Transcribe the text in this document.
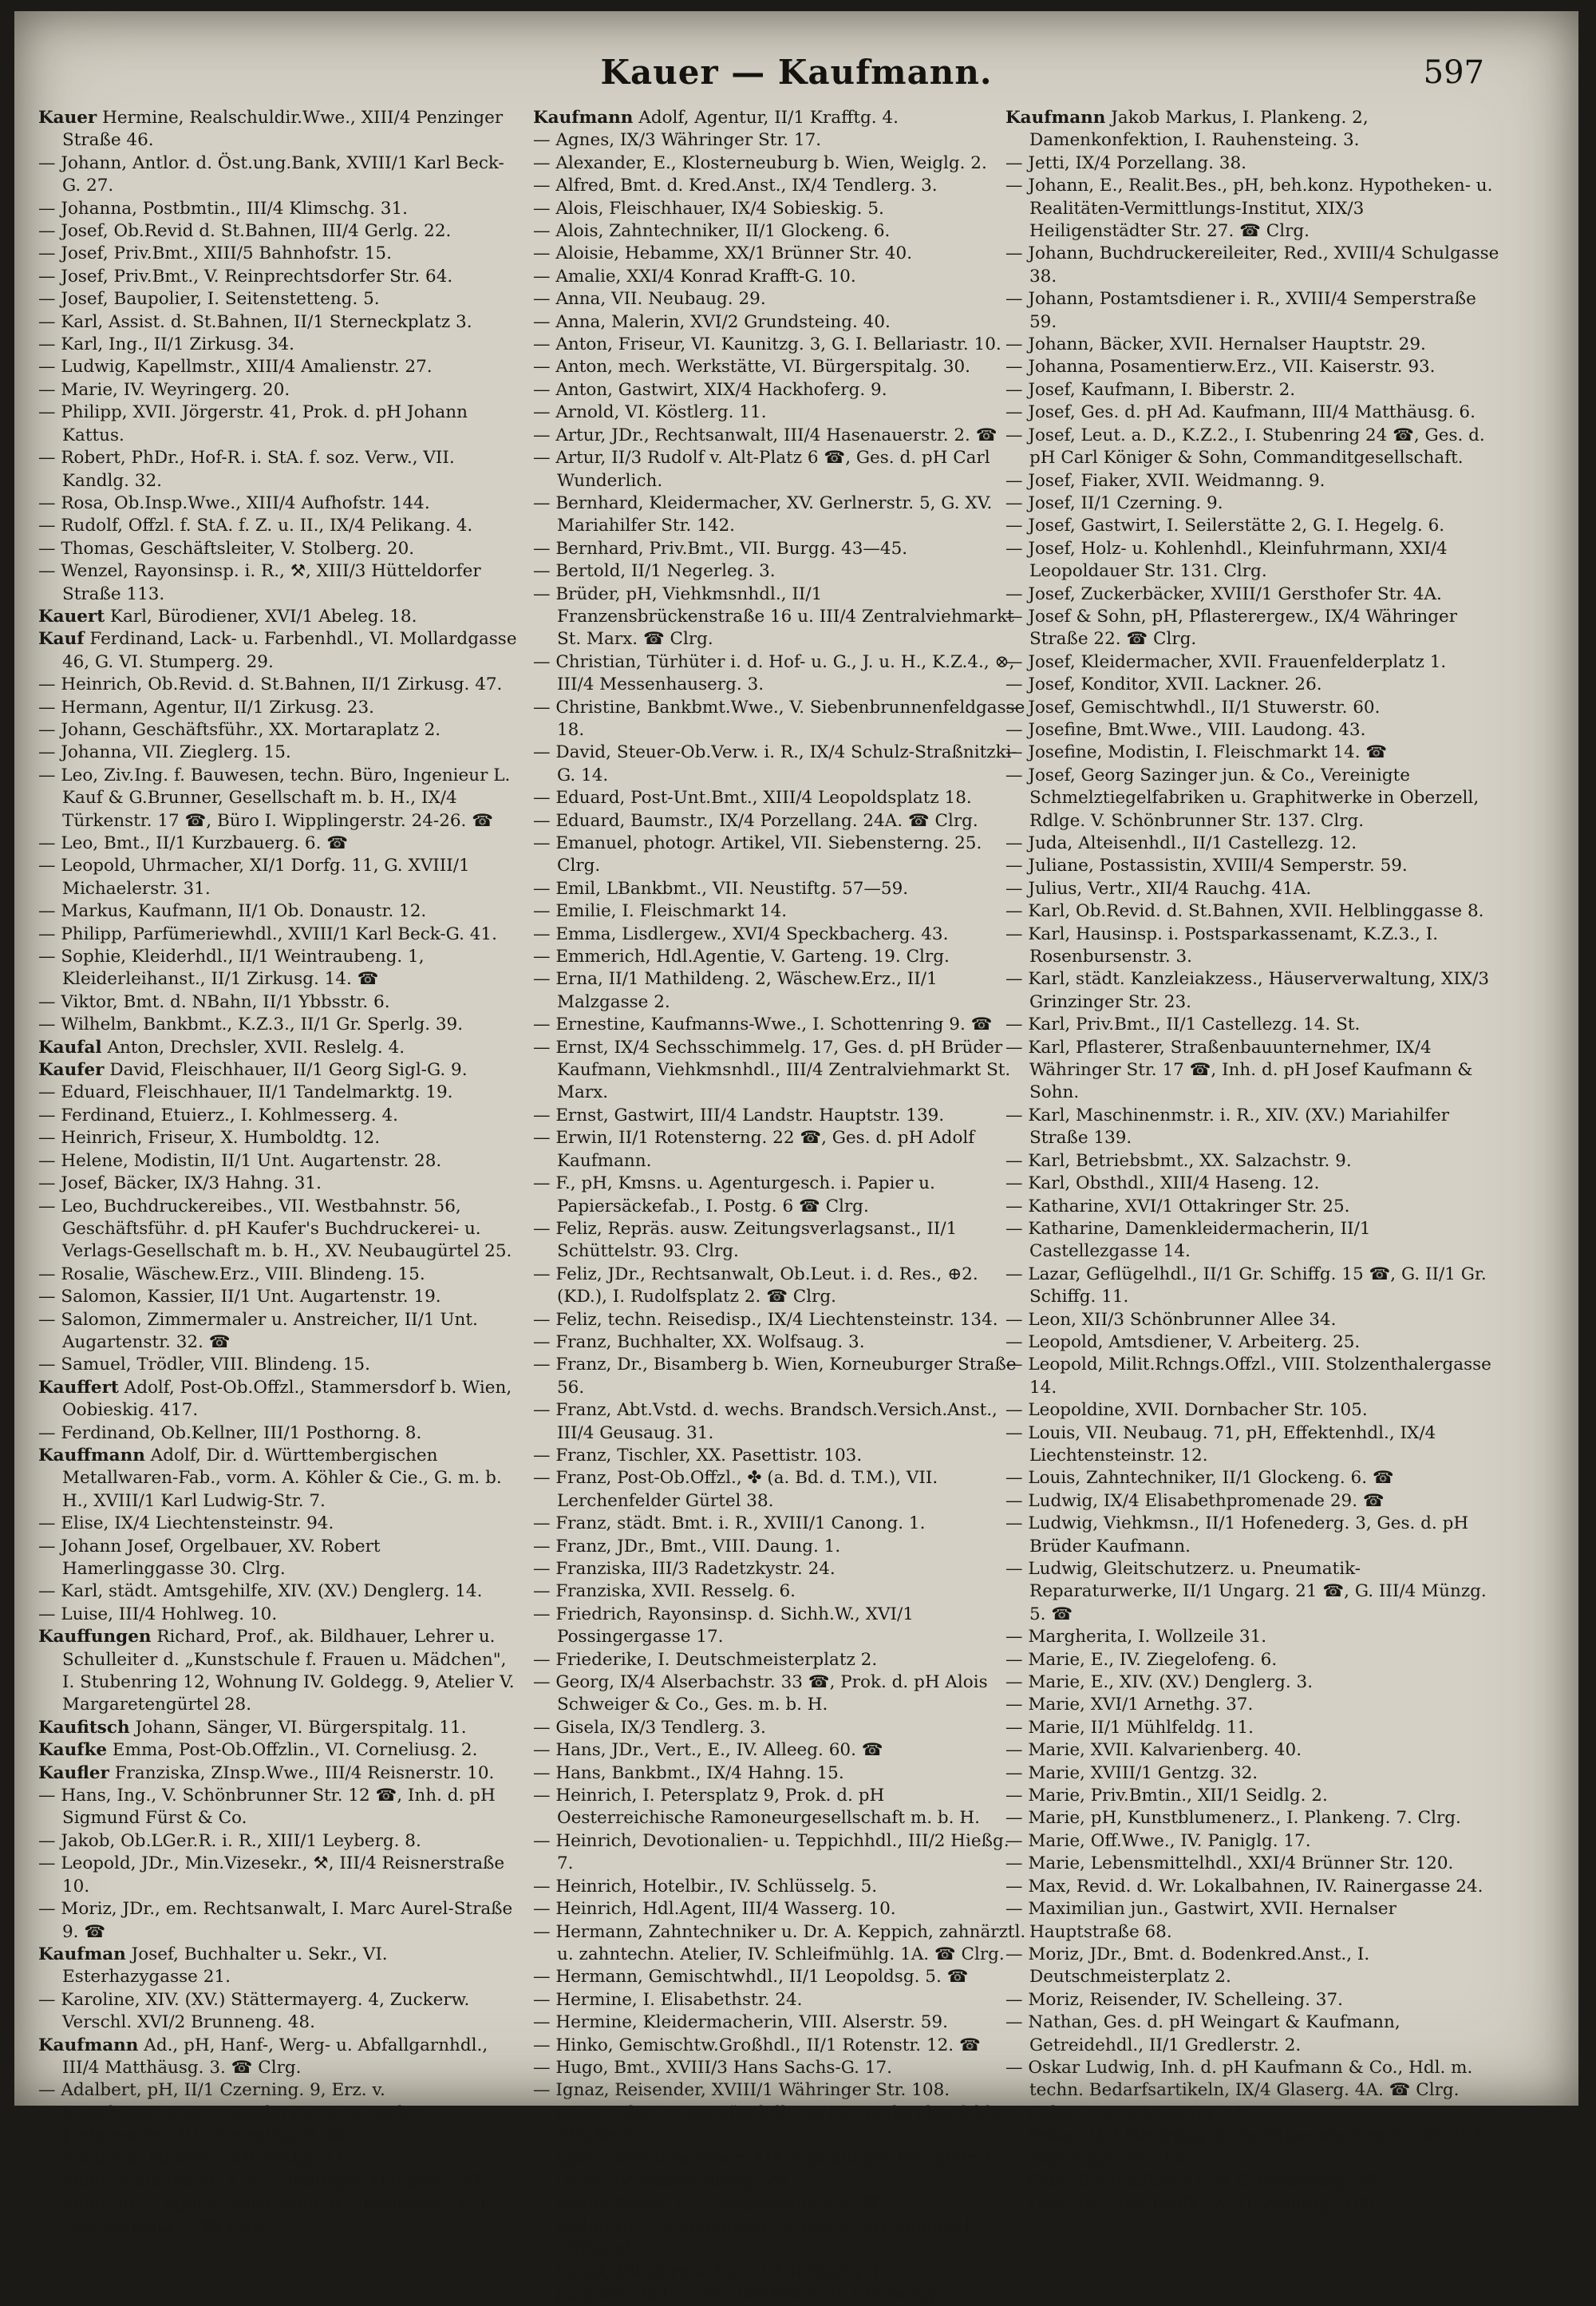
Kauer — Kaufmann.	597

Kauer Hermine, Realschuldir.Wwe., XIII/4 Penzinger Straße 46.

— Johann, Antlor. d. Öst.ung.Bank, XVIII/1 Karl Beck-G. 27.

— Johanna, Postbmtin., III/4 Klimschg. 31.

— Josef, Ob.Revid d. St.Bahnen, III/4 Gerlg. 22.

— Josef, Priv.Bmt., XIII/5 Bahnhofstr. 15.

— Josef, Priv.Bmt., V. Reinprechtsdorfer Str. 64.

— Josef, Baupolier, I. Seitenstetteng. 5.

— Karl, Assist. d. St.Bahnen, II/1 Sterneckplatz 3.

— Karl, Ing., II/1 Zirkusg. 34.

— Ludwig, Kapellmstr., XIII/4 Amalienstr. 27.

— Marie, IV. Weyringerg. 20.

— Philipp, XVII. Jörgerstr. 41, Prok. d. pH Johann Kattus.

— Robert, PhDr., Hof-R. i. StA. f. soz. Verw., VII. Kandlg. 32.

— Rosa, Ob.Insp.Wwe., XIII/4 Aufhofstr. 144.

— Rudolf, Offzl. f. StA. f. Z. u. II., IX/4 Pelikang. 4.

— Thomas, Geschäftsleiter, V. Stolberg. 20.

— Wenzel, Rayonsinsp. i. R., ⚒, XIII/3 Hütteldorfer Straße 113.

Kauert Karl, Bürodiener, XVI/1 Abeleg. 18.

Kauf Ferdinand, Lack- u. Farbenhdl., VI. Mollardgasse 46, G. VI. Stumperg. 29.

— Heinrich, Ob.Revid. d. St.Bahnen, II/1 Zirkusg. 47.

— Hermann, Agentur, II/1 Zirkusg. 23.

— Johann, Geschäftsführ., XX. Mortaraplatz 2.

— Johanna, VII. Zieglerg. 15.

— Leo, Ziv.Ing. f. Bauwesen, techn. Büro, Ingenieur L. Kauf & G.Brunner, Gesellschaft m. b. H., IX/4 Türkenstr. 17 ☎, Büro I. Wipplingerstr. 24-26. ☎

— Leo, Bmt., II/1 Kurzbauerg. 6. ☎

— Leopold, Uhrmacher, XI/1 Dorfg. 11, G. XVIII/1 Michaelerstr. 31.

— Markus, Kaufmann, II/1 Ob. Donaustr. 12.

— Philipp, Parfümeriewhdl., XVIII/1 Karl Beck-G. 41.

— Sophie, Kleiderhdl., II/1 Weintraubeng. 1, Kleiderleihanst., II/1 Zirkusg. 14. ☎

— Viktor, Bmt. d. NBahn, II/1 Ybbsstr. 6.

— Wilhelm, Bankbmt., K.Z.3., II/1 Gr. Sperlg. 39.

Kaufal Anton, Drechsler, XVII. Reslelg. 4.

Kaufer David, Fleischhauer, II/1 Georg Sigl-G. 9.

— Eduard, Fleischhauer, II/1 Tandelmarktg. 19.

— Ferdinand, Etuierz., I. Kohlmesserg. 4.

— Heinrich, Friseur, X. Humboldtg. 12.

— Helene, Modistin, II/1 Unt. Augartenstr. 28.

— Josef, Bäcker, IX/3 Hahng. 31.

— Leo, Buchdruckereibes., VII. Westbahnstr. 56, Geschäftsführ. d. pH Kaufer's Buchdruckerei- u. Verlags-Gesellschaft m. b. H., XV. Neubaugürtel 25.

— Rosalie, Wäschew.Erz., VIII. Blindeng. 15.

— Salomon, Kassier, II/1 Unt. Augartenstr. 19.

— Salomon, Zimmermaler u. Anstreicher, II/1 Unt. Augartenstr. 32. ☎

— Samuel, Trödler, VIII. Blindeng. 15.

Kauffert Adolf, Post-Ob.Offzl., Stammersdorf b. Wien, Oobieskig. 417.

— Ferdinand, Ob.Kellner, III/1 Posthorng. 8.

Kauffmann Adolf, Dir. d. Württembergischen Metallwaren-Fab., vorm. A. Köhler & Cie., G. m. b. H., XVIII/1 Karl Ludwig-Str. 7.

— Elise, IX/4 Liechtensteinstr. 94.

— Johann Josef, Orgelbauer, XV. Robert Hamerlinggasse 30. Clrg.

— Karl, städt. Amtsgehilfe, XIV. (XV.) Denglerg. 14.

— Luise, III/4 Hohlweg. 10.

Kauffungen Richard, Prof., ak. Bildhauer, Lehrer u. Schulleiter d. „Kunstschule f. Frauen u. Mädchen", I. Stubenring 12, Wohnung IV. Goldegg. 9, Atelier V. Margaretengürtel 28.

Kaufitsch Johann, Sänger, VI. Bürgerspitalg. 11.

Kaufke Emma, Post-Ob.Offzlin., VI. Corneliusg. 2.

Kaufler Franziska, ZInsp.Wwe., III/4 Reisnerstr. 10.

— Hans, Ing., V. Schönbrunner Str. 12 ☎, Inh. d. pH Sigmund Fürst & Co.

— Jakob, Ob.LGer.R. i. R., XIII/1 Leyberg. 8.

— Leopold, JDr., Min.Vizesekr., ⚒, III/4 Reisnerstraße 10.

— Moriz, JDr., em. Rechtsanwalt, I. Marc Aurel-Straße 9. ☎

Kaufman Josef, Buchhalter u. Sekr., VI. Esterhazygasse 21.

— Karoline, XIV. (XV.) Stättermayerg. 4, Zuckerw. Verschl. XVI/2 Brunneng. 48.

Kaufmann Ad., pH, Hanf-, Werg- u. Abfallgarnhdl., III/4 Matthäusg. 3. ☎ Clrg.

— Adalbert, pH, II/1 Czerning. 9, Erz. v. Maschinenriemen, Sattlerwaren u. techn. Lederwaren, II/1 Czerning. 9. ☎

— Adelheid, Näherin, XV. Zinkg. 11.

— Adolf, Amtsdiener, XIX/1 Döblinger Hauptstr. 20.

— Adolf, pH, Lager v. Schafwolle u. Tierhaaren, II/1 Czerninplatz 1. ☎ Clrg.

Kaufmann Adolf, Agentur, II/1 Krafftg. 4.

— Agnes, IX/3 Währinger Str. 17.

— Alexander, E., Klosterneuburg b. Wien, Weiglg. 2.

— Alfred, Bmt. d. Kred.Anst., IX/4 Tendlerg. 3.

— Alois, Fleischhauer, IX/4 Sobieskig. 5.

— Alois, Zahntechniker, II/1 Glockeng. 6.

— Aloisie, Hebamme, XX/1 Brünner Str. 40.

— Amalie, XXI/4 Konrad Krafft-G. 10.

— Anna, VII. Neubaug. 29.

— Anna, Malerin, XVI/2 Grundsteing. 40.

— Anton, Friseur, VI. Kaunitzg. 3, G. I. Bellariastr. 10.

— Anton, mech. Werkstätte, VI. Bürgerspitalg. 30.

— Anton, Gastwirt, XIX/4 Hackhoferg. 9.

— Arnold, VI. Köstlerg. 11.

— Artur, JDr., Rechtsanwalt, III/4 Hasenauerstr. 2. ☎

— Artur, II/3 Rudolf v. Alt-Platz 6 ☎, Ges. d. pH Carl Wunderlich.

— Bernhard, Kleidermacher, XV. Gerlnerstr. 5, G. XV. Mariahilfer Str. 142.

— Bernhard, Priv.Bmt., VII. Burgg. 43—45.

— Bertold, II/1 Negerleg. 3.

— Brüder, pH, Viehkmsnhdl., II/1 Franzensbrückenstraße 16 u. III/4 Zentralviehmarkt St. Marx. ☎ Clrg.

— Christian, Türhüter i. d. Hof- u. G., J. u. H., K.Z.4., ⊗, III/4 Messenhauserg. 3.

— Christine, Bankbmt.Wwe., V. Siebenbrunnenfeldgasse 18.

— David, Steuer-Ob.Verw. i. R., IX/4 Schulz-Straßnitzki-G. 14.

— Eduard, Post-Unt.Bmt., XIII/4 Leopoldsplatz 18.

— Eduard, Baumstr., IX/4 Porzellang. 24A. ☎ Clrg.

— Emanuel, photogr. Artikel, VII. Siebensterng. 25. Clrg.

— Emil, LBankbmt., VII. Neustiftg. 57—59.

— Emilie, I. Fleischmarkt 14.

— Emma, Lisdlergew., XVI/4 Speckbacherg. 43.

— Emmerich, Hdl.Agentie, V. Garteng. 19. Clrg.

— Erna, II/1 Mathildeng. 2, Wäschew.Erz., II/1 Malzgasse 2.

— Ernestine, Kaufmanns-Wwe., I. Schottenring 9. ☎

— Ernst, IX/4 Sechsschimmelg. 17, Ges. d. pH Brüder Kaufmann, Viehkmsnhdl., III/4 Zentralviehmarkt St. Marx.

— Ernst, Gastwirt, III/4 Landstr. Hauptstr. 139.

— Erwin, II/1 Rotensterng. 22 ☎, Ges. d. pH Adolf Kaufmann.

— F., pH, Kmsns. u. Agenturgesch. i. Papier u. Papiersäckefab., I. Postg. 6 ☎ Clrg.

— Feliz, Repräs. ausw. Zeitungsverlagsanst., II/1 Schüttelstr. 93. Clrg.

— Feliz, JDr., Rechtsanwalt, Ob.Leut. i. d. Res., ⊕2. (KD.), I. Rudolfsplatz 2. ☎ Clrg.

— Feliz, techn. Reisedisp., IX/4 Liechtensteinstr. 134.

— Franz, Buchhalter, XX. Wolfsaug. 3.

— Franz, Dr., Bisamberg b. Wien, Korneuburger Straße 56.

— Franz, Abt.Vstd. d. wechs. Brandsch.Versich.Anst., III/4 Geusaug. 31.

— Franz, Tischler, XX. Pasettistr. 103.

— Franz, Post-Ob.Offzl., ✤ (a. Bd. d. T.M.), VII. Lerchenfelder Gürtel 38.

— Franz, städt. Bmt. i. R., XVIII/1 Canong. 1.

— Franz, JDr., Bmt., VIII. Daung. 1.

— Franziska, III/3 Radetzkystr. 24.

— Franziska, XVII. Resselg. 6.

— Friedrich, Rayonsinsp. d. Sichh.W., XVI/1 Possingergasse 17.

— Friederike, I. Deutschmeisterplatz 2.

— Georg, IX/4 Alserbachstr. 33 ☎, Prok. d. pH Alois Schweiger & Co., Ges. m. b. H.

— Gisela, IX/3 Tendlerg. 3.

— Hans, JDr., Vert., E., IV. Alleeg. 60. ☎

— Hans, Bankbmt., IX/4 Hahng. 15.

— Heinrich, I. Petersplatz 9, Prok. d. pH Oesterreichische Ramoneurgesellschaft m. b. H.

— Heinrich, Devotionalien- u. Teppichhdl., III/2 Hießg. 7.

— Heinrich, Hotelbir., IV. Schlüsselg. 5.

— Heinrich, Hdl.Agent, III/4 Wasserg. 10.

— Hermann, Zahntechniker u. Dr. A. Keppich, zahnärztl. u. zahntechn. Atelier, IV. Schleifmühlg. 1A. ☎ Clrg.

— Hermann, Gemischtwhdl., II/1 Leopoldsg. 5. ☎

— Hermine, I. Elisabethstr. 24.

— Hermine, Kleidermacherin, VIII. Alserstr. 59.

— Hinko, Gemischtw.Großhdl., II/1 Rotenstr. 12. ☎

— Hugo, Bmt., XVIII/3 Hans Sachs-G. 17.

— Ignaz, Reisender, XVIII/1 Währinger Str. 108.

— Ignaz, Obst- u. Gemüsehdl., XVI/2 Neulerchenfelder Straße 51.

— Ignaz, Kleidermacher, XIX/3 Döblinger Hauptstr. 61.

— Irene, IV. Starhemberg. 26.

— Isidor, Maler, II/1 Leopoldsplatz 3. ☎

— Isidor, II/1 Lichtenauerg. 9, Inh. d. pH Emanuel Mühlrad.

— Israel, Kleidermacher, II/1 Robertg. 1.

— Jacques, Bmt. d. Wr. Bank-Ver., II/1 Robertg. 2.

Kaufmann Jakob Markus, I. Plankeng. 2, Damenkonfektion, I. Rauhensteing. 3.

— Jetti, IX/4 Porzellang. 38.

— Johann, E., Realit.Bes., pH, beh.konz. Hypotheken- u. Realitäten-Vermittlungs-Institut, XIX/3 Heiligenstädter Str. 27. ☎ Clrg.

— Johann, Buchdruckereileiter, Red., XVIII/4 Schulgasse 38.

— Johann, Postamtsdiener i. R., XVIII/4 Semperstraße 59.

— Johann, Bäcker, XVII. Hernalser Hauptstr. 29.

— Johanna, Posamentierw.Erz., VII. Kaiserstr. 93.

— Josef, Kaufmann, I. Biberstr. 2.

— Josef, Ges. d. pH Ad. Kaufmann, III/4 Matthäusg. 6.

— Josef, Leut. a. D., K.Z.2., I. Stubenring 24 ☎, Ges. d. pH Carl Königer & Sohn, Commanditgesellschaft.

— Josef, Fiaker, XVII. Weidmanng. 9.

— Josef, II/1 Czerning. 9.

— Josef, Gastwirt, I. Seilerstätte 2, G. I. Hegelg. 6.

— Josef, Holz- u. Kohlenhdl., Kleinfuhrmann, XXI/4 Leopoldauer Str. 131. Clrg.

— Josef, Zuckerbäcker, XVIII/1 Gersthofer Str. 4A.

— Josef & Sohn, pH, Pflasterergew., IX/4 Währinger Straße 22. ☎ Clrg.

— Josef, Kleidermacher, XVII. Frauenfelderplatz 1.

— Josef, Konditor, XVII. Lackner. 26.

— Josef, Gemischtwhdl., II/1 Stuwerstr. 60.

— Josefine, Bmt.Wwe., VIII. Laudong. 43.

— Josefine, Modistin, I. Fleischmarkt 14. ☎

— Josef, Georg Sazinger jun. & Co., Vereinigte Schmelztiegelfabriken u. Graphitwerke in Oberzell, Rdlge. V. Schönbrunner Str. 137. Clrg.

— Juda, Alteisenhdl., II/1 Castellezg. 12.

— Juliane, Postassistin, XVIII/4 Semperstr. 59.

— Julius, Vertr., XII/4 Rauchg. 41A.

— Karl, Ob.Revid. d. St.Bahnen, XVII. Helblinggasse 8.

— Karl, Hausinsp. i. Postsparkassenamt, K.Z.3., I. Rosenbursenstr. 3.

— Karl, städt. Kanzleiakzess., Häuserverwaltung, XIX/3 Grinzinger Str. 23.

— Karl, Priv.Bmt., II/1 Castellezg. 14. St.

— Karl, Pflasterer, Straßenbauunternehmer, IX/4 Währinger Str. 17 ☎, Inh. d. pH Josef Kaufmann & Sohn.

— Karl, Maschinenmstr. i. R., XIV. (XV.) Mariahilfer Straße 139.

— Karl, Betriebsbmt., XX. Salzachstr. 9.

— Karl, Obsthdl., XIII/4 Haseng. 12.

— Katharine, XVI/1 Ottakringer Str. 25.

— Katharine, Damenkleidermacherin, II/1 Castellezgasse 14.

— Lazar, Geflügelhdl., II/1 Gr. Schiffg. 15 ☎, G. II/1 Gr. Schiffg. 11.

— Leon, XII/3 Schönbrunner Allee 34.

— Leopold, Amtsdiener, V. Arbeiterg. 25.

— Leopold, Milit.Rchngs.Offzl., VIII. Stolzenthalergasse 14.

— Leopoldine, XVII. Dornbacher Str. 105.

— Louis, VII. Neubaug. 71, pH, Effektenhdl., IX/4 Liechtensteinstr. 12.

— Louis, Zahntechniker, II/1 Glockeng. 6. ☎

— Ludwig, IX/4 Elisabethpromenade 29. ☎

— Ludwig, Viehkmsn., II/1 Hofenederg. 3, Ges. d. pH Brüder Kaufmann.

— Ludwig, Gleitschutzerz. u. Pneumatik-Reparaturwerke, II/1 Ungarg. 21 ☎, G. III/4 Münzg. 5. ☎

— Margherita, I. Wollzeile 31.

— Marie, E., IV. Ziegelofeng. 6.

— Marie, E., XIV. (XV.) Denglerg. 3.

— Marie, XVI/1 Arnethg. 37.

— Marie, II/1 Mühlfeldg. 11.

— Marie, XVII. Kalvarienberg. 40.

— Marie, XVIII/1 Gentzg. 32.

— Marie, Priv.Bmtin., XII/1 Seidlg. 2.

— Marie, pH, Kunstblumenerz., I. Plankeng. 7. Clrg.

— Marie, Off.Wwe., IV. Paniglg. 17.

— Marie, Lebensmittelhdl., XXI/4 Brünner Str. 120.

— Max, Revid. d. Wr. Lokalbahnen, IV. Rainergasse 24.

— Maximilian jun., Gastwirt, XVII. Hernalser Hauptstraße 68.

— Moriz, JDr., Bmt. d. Bodenkred.Anst., I. Deutschmeisterplatz 2.

— Moriz, Reisender, IV. Schelleing. 37.

— Nathan, Ges. d. pH Weingart & Kaufmann, Getreidehdl., II/1 Gredlerstr. 2.

— Oskar Ludwig, Inh. d. pH Kaufmann & Co., Hdl. m. techn. Bedarfsartikeln, IX/4 Glaserg. 4A. ☎ Clrg.

— Oskar, XVIII/4 Steing. 14.

— Oskar, II/3 Nestroyg. 3, Parfümeriew.Gesch., XVIII/1 Währinger Str. 143.

— Otto, Buchhalter, XVI/4 Grundsteing. 32.

— Otto, Dr., gef. Heilk., XVII. Zeillerg. 100.
